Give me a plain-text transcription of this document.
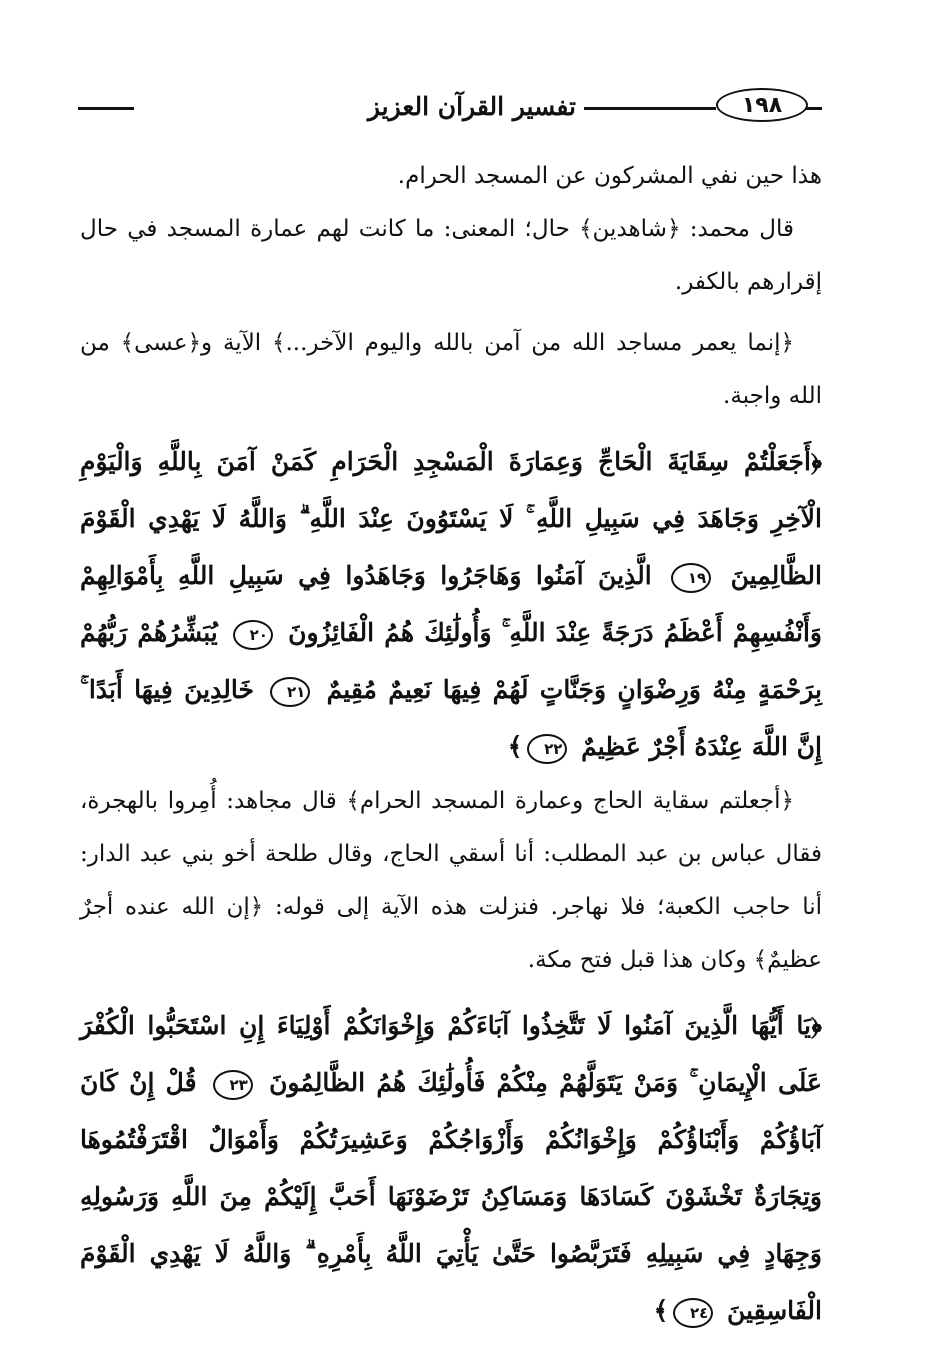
١٩٨
تفسير القرآن العزيز

هذا حين نفي المشركون عن المسجد الحرام.

قال محمد: ﴿شاهدين﴾ حال؛ المعنى: ما كانت لهم عمارة المسجد في حال إقرارهم بالكفر.

﴿إنما يعمر مساجد الله من آمن بالله واليوم الآخر...﴾ الآية و﴿عسى﴾ من الله واجبة.

﴿أَجَعَلْتُمْ سِقَايَةَ الْحَاجِّ وَعِمَارَةَ الْمَسْجِدِ الْحَرَامِ كَمَنْ آمَنَ بِاللَّهِ وَالْيَوْمِ الْآخِرِ وَجَاهَدَ فِي سَبِيلِ اللَّهِ ۚ لَا يَسْتَوُونَ عِنْدَ اللَّهِ ۗ وَاللَّهُ لَا يَهْدِي الْقَوْمَ الظَّالِمِينَ ١٩ الَّذِينَ آمَنُوا وَهَاجَرُوا وَجَاهَدُوا فِي سَبِيلِ اللَّهِ بِأَمْوَالِهِمْ وَأَنْفُسِهِمْ أَعْظَمُ دَرَجَةً عِنْدَ اللَّهِ ۚ وَأُولَٰئِكَ هُمُ الْفَائِزُونَ ٢٠ يُبَشِّرُهُمْ رَبُّهُمْ بِرَحْمَةٍ مِنْهُ وَرِضْوَانٍ وَجَنَّاتٍ لَهُمْ فِيهَا نَعِيمٌ مُقِيمٌ ٢١ خَالِدِينَ فِيهَا أَبَدًا ۚ إِنَّ اللَّهَ عِنْدَهُ أَجْرٌ عَظِيمٌ ٢٢﴾

﴿أجعلتم سقاية الحاج وعمارة المسجد الحرام﴾ قال مجاهد: أُمِروا بالهجرة، فقال عباس بن عبد المطلب: أنا أسقي الحاج، وقال طلحة أخو بني عبد الدار: أنا حاجب الكعبة؛ فلا نهاجر. فنزلت هذه الآية إلى قوله: ﴿إن الله عنده أجرٌ عظيمٌ﴾ وكان هذا قبل فتح مكة.

﴿يَا أَيُّهَا الَّذِينَ آمَنُوا لَا تَتَّخِذُوا آبَاءَكُمْ وَإِخْوَانَكُمْ أَوْلِيَاءَ إِنِ اسْتَحَبُّوا الْكُفْرَ عَلَى الْإِيمَانِ ۚ وَمَنْ يَتَوَلَّهُمْ مِنْكُمْ فَأُولَٰئِكَ هُمُ الظَّالِمُونَ ٢٣ قُلْ إِنْ كَانَ آبَاؤُكُمْ وَأَبْنَاؤُكُمْ وَإِخْوَانُكُمْ وَأَزْوَاجُكُمْ وَعَشِيرَتُكُمْ وَأَمْوَالٌ اقْتَرَفْتُمُوهَا وَتِجَارَةٌ تَخْشَوْنَ كَسَادَهَا وَمَسَاكِنُ تَرْضَوْنَهَا أَحَبَّ إِلَيْكُمْ مِنَ اللَّهِ وَرَسُولِهِ وَجِهَادٍ فِي سَبِيلِهِ فَتَرَبَّصُوا حَتَّىٰ يَأْتِيَ اللَّهُ بِأَمْرِهِ ۗ وَاللَّهُ لَا يَهْدِي الْقَوْمَ الْفَاسِقِينَ ٢٤﴾
